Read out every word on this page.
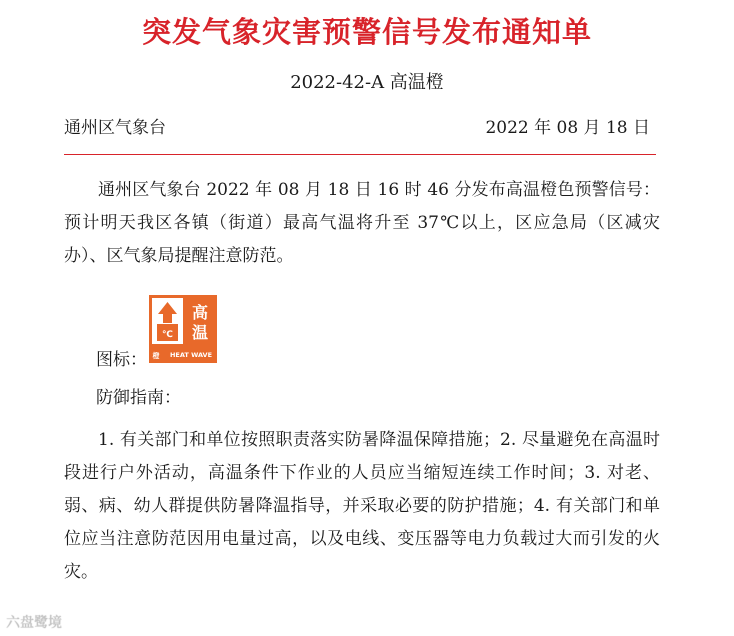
突发气象灾害预警信号发布通知单
2022-42-A 高温橙
通州区气象台	2022 年 08 月 18 日
通州区气象台 2022 年 08 月 18 日 16 时 46 分发布高温橙色预警信号：预计明天我区各镇（街道）最高气温将升至 37℃以上，区应急局（区减灾办）、区气象局提醒注意防范。
图标：
℃
高
温
橙 HEAT WAVE
防御指南：
1. 有关部门和单位按照职责落实防暑降温保障措施；2. 尽量避免在高温时段进行户外活动，高温条件下作业的人员应当缩短连续工作时间；3. 对老、弱、病、幼人群提供防暑降温指导，并采取必要的防护措施；4. 有关部门和单位应当注意防范因用电量过高，以及电线、变压器等电力负载过大而引发的火灾。
六盘鹭境
